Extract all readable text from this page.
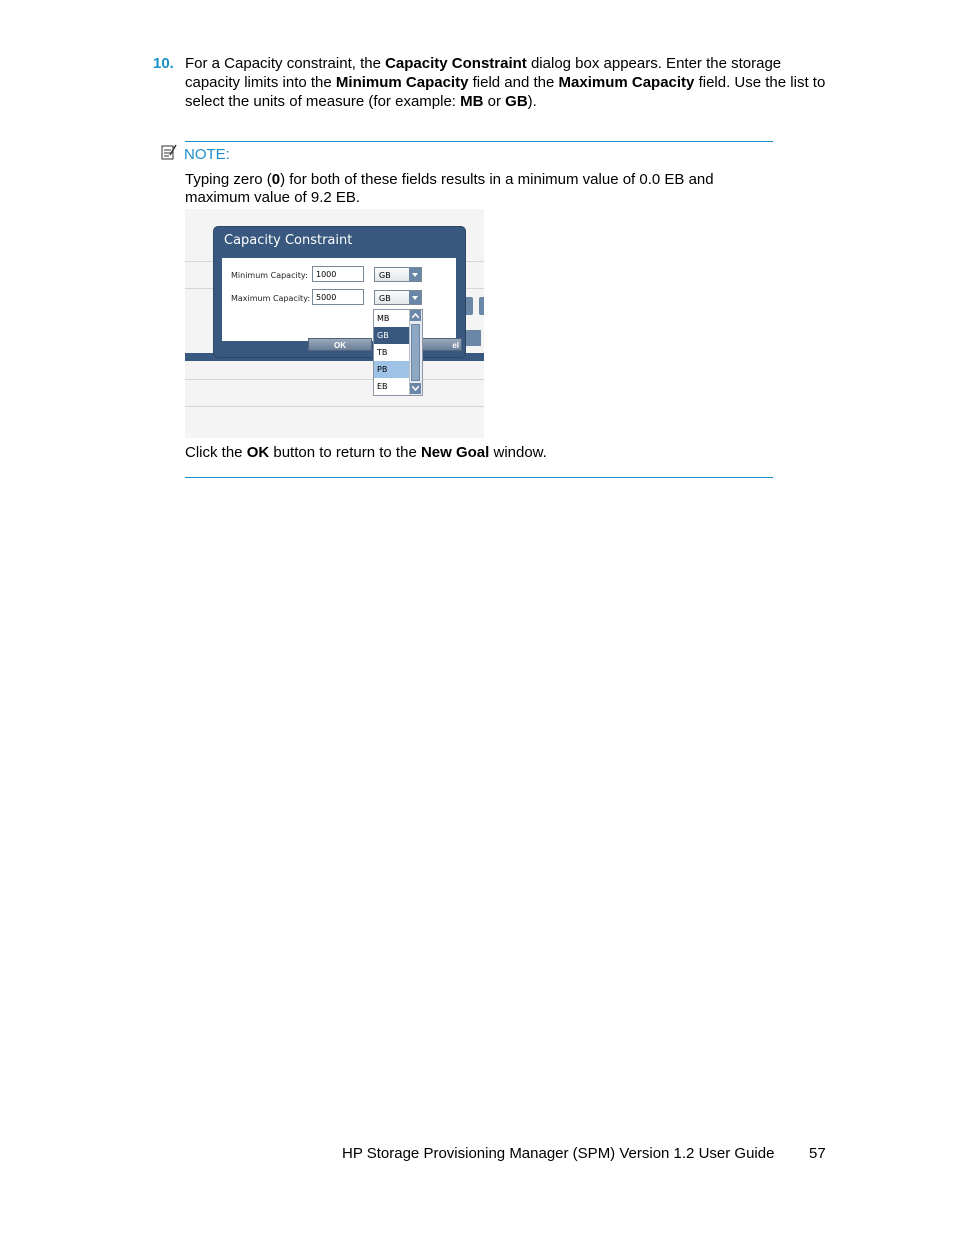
10. For a Capacity constraint, the Capacity Constraint dialog box appears. Enter the storage capacity limits into the Minimum Capacity field and the Maximum Capacity field. Use the list to select the units of measure (for example: MB or GB).
NOTE:
Typing zero (0) for both of these fields results in a minimum value of 0.0 EB and maximum value of 9.2 EB.
Capacity Constraint
Minimum Capacity:	1000	GB
Maximum Capacity: 5000	GB
OK	el
MB
GB
TB
PB
EB
Click the OK button to return to the New Goal window.
HP Storage Provisioning Manager (SPM) Version 1.2 User Guide 57
